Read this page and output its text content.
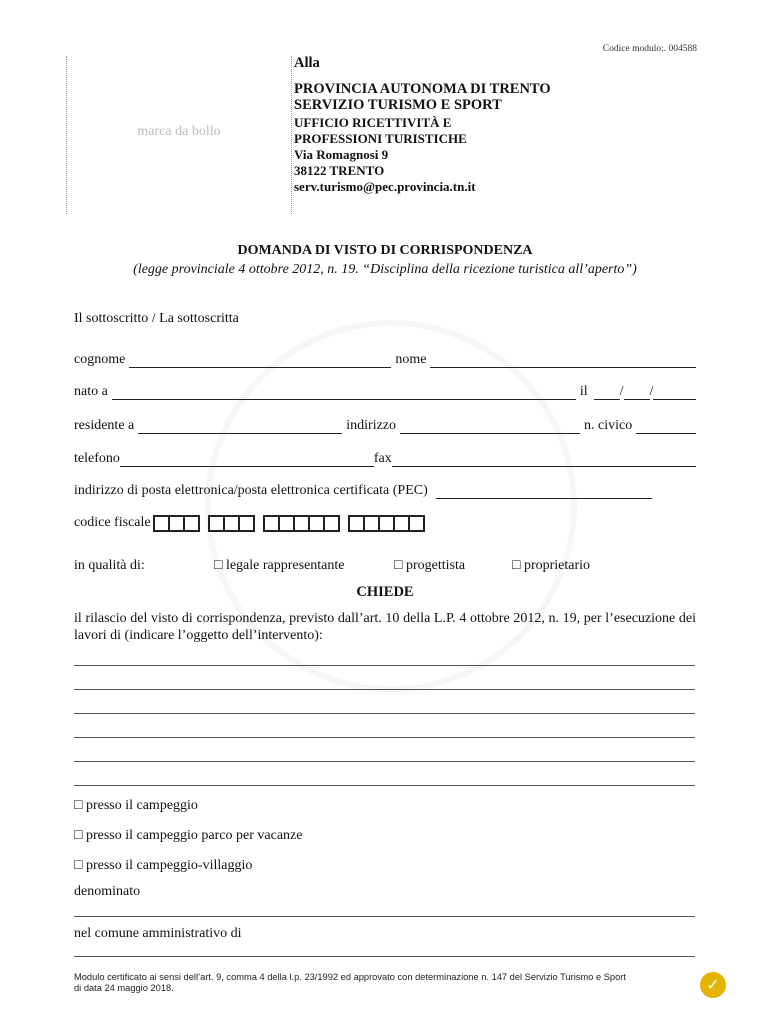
Codice modulo:. 004588
marca da bollo
Alla
PROVINCIA AUTONOMA DI TRENTO
SERVIZIO TURISMO E SPORT
UFFICIO RICETTIVITÀ E
PROFESSIONI TURISTICHE
Via Romagnosi 9
38122 TRENTO
serv.turismo@pec.provincia.tn.it
DOMANDA DI VISTO DI CORRISPONDENZA
(legge provinciale 4 ottobre 2012, n. 19. “Disciplina della ricezione turistica all’aperto”)
Il sottoscritto / La sottoscritta
cognome	nome
nato a	il / /
residente a	indirizzo	n. civico
telefono	fax
indirizzo di posta elettronica/posta elettronica certificata (PEC)
codice fiscale
in qualità di:	□ legale rappresentante	□ progettista	□ proprietario
CHIEDE
il rilascio del visto di corrispondenza, previsto dall’art. 10 della L.P. 4 ottobre 2012, n. 19, per l’esecuzione dei lavori di (indicare l’oggetto dell’intervento):
□ presso il campeggio
□ presso il campeggio parco per vacanze
□ presso il campeggio-villaggio
denominato
nel comune amministrativo di
Modulo certificato ai sensi dell’art. 9, comma 4 della l.p. 23/1992 ed approvato con determinazione n. 147 del Servizio Turismo e Sport
di data 24 maggio 2018.	✓
